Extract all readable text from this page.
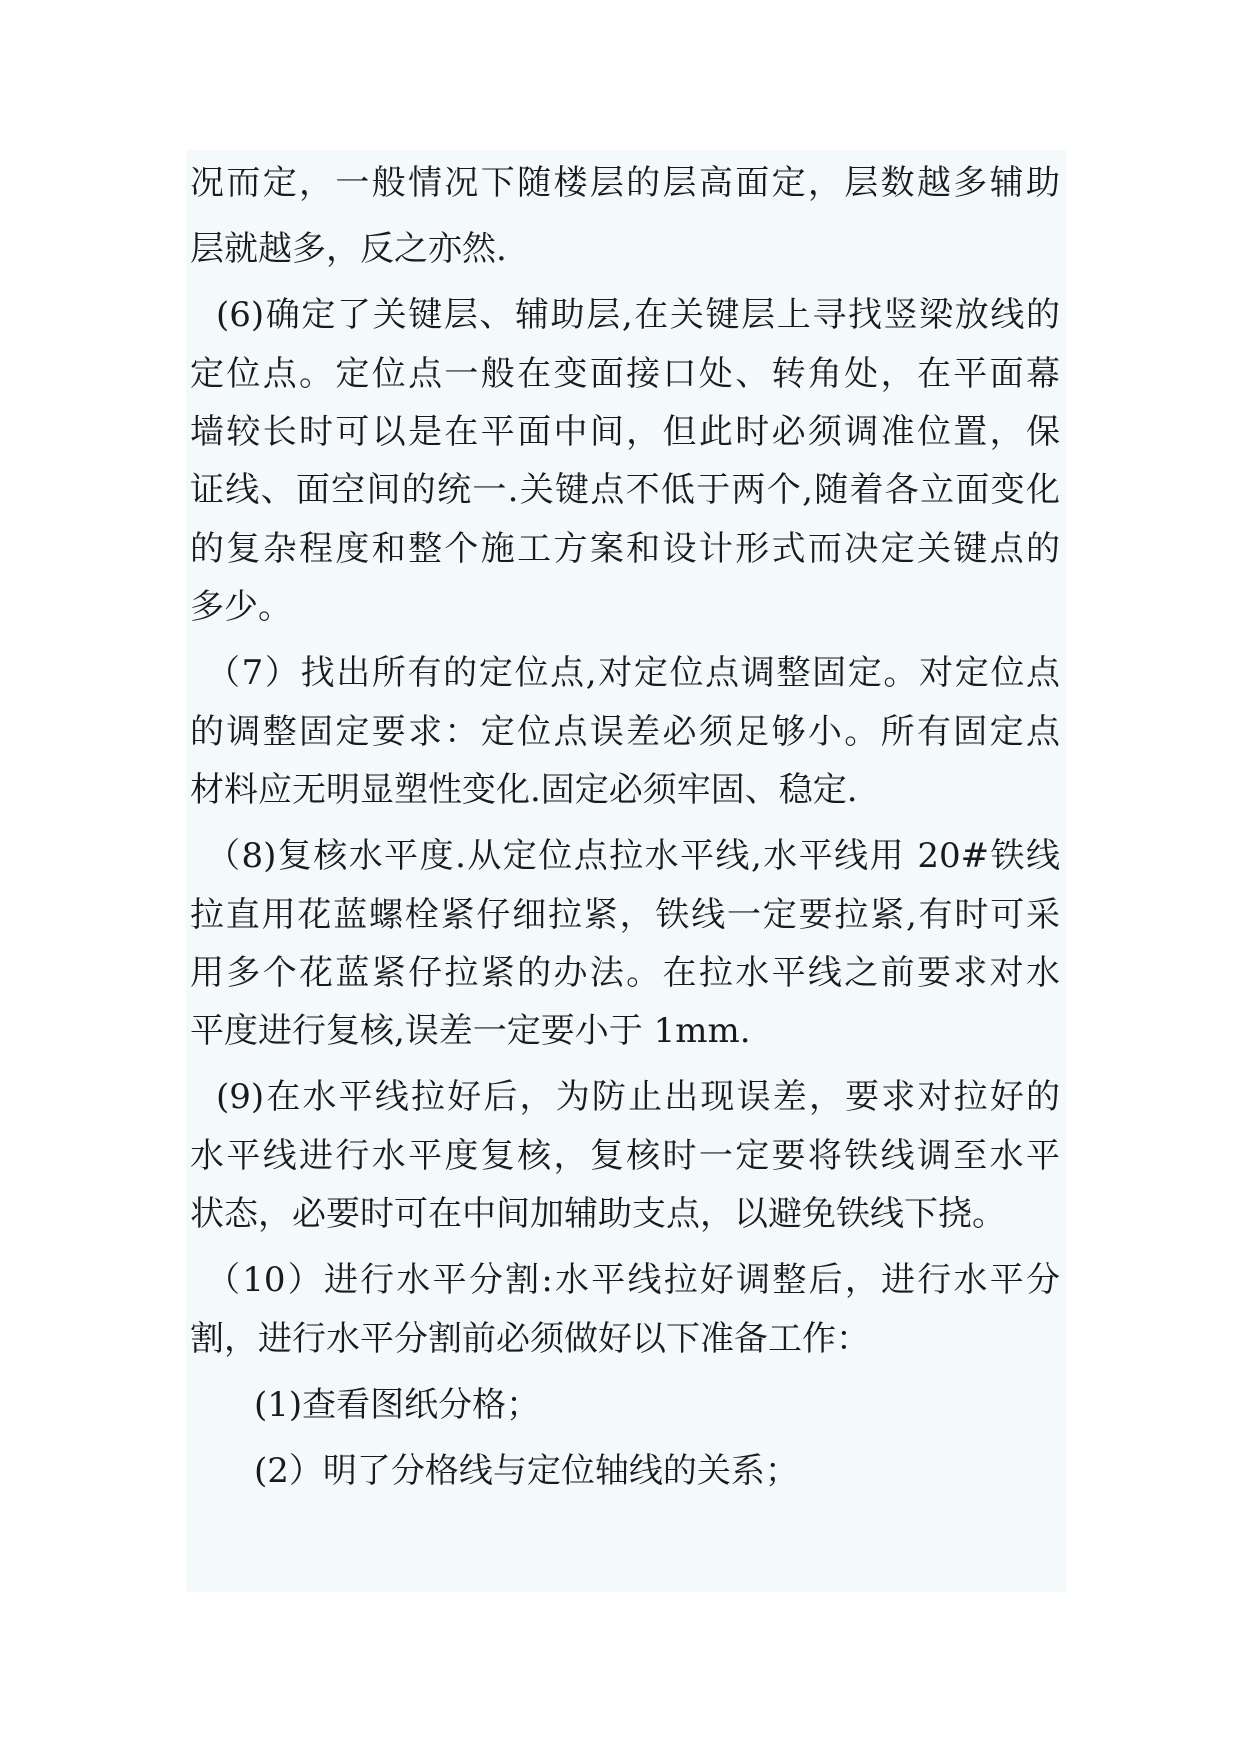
况而定，一般情况下随楼层的层高面定，层数越多辅助
层就越多，反之亦然.
(6)确定了关键层、辅助层,在关键层上寻找竖梁放线的
定位点。定位点一般在变面接口处、转角处，在平面幕
墙较长时可以是在平面中间，但此时必须调准位置，保
证线、面空间的统一.关键点不低于两个,随着各立面变化
的复杂程度和整个施工方案和设计形式而决定关键点的
多少。
（7）找出所有的定位点,对定位点调整固定。对定位点
的调整固定要求：定位点误差必须足够小。所有固定点
材料应无明显塑性变化.固定必须牢固、稳定.
（8)复核水平度.从定位点拉水平线,水平线用 20#铁线
拉直用花蓝螺栓紧仔细拉紧，铁线一定要拉紧,有时可采
用多个花蓝紧仔拉紧的办法。在拉水平线之前要求对水
平度进行复核,误差一定要小于 1mm.
(9)在水平线拉好后，为防止出现误差，要求对拉好的
水平线进行水平度复核，复核时一定要将铁线调至水平
状态，必要时可在中间加辅助支点，以避免铁线下挠。
（10）进行水平分割:水平线拉好调整后，进行水平分
割，进行水平分割前必须做好以下准备工作：
(1)查看图纸分格；
(2）明了分格线与定位轴线的关系；
